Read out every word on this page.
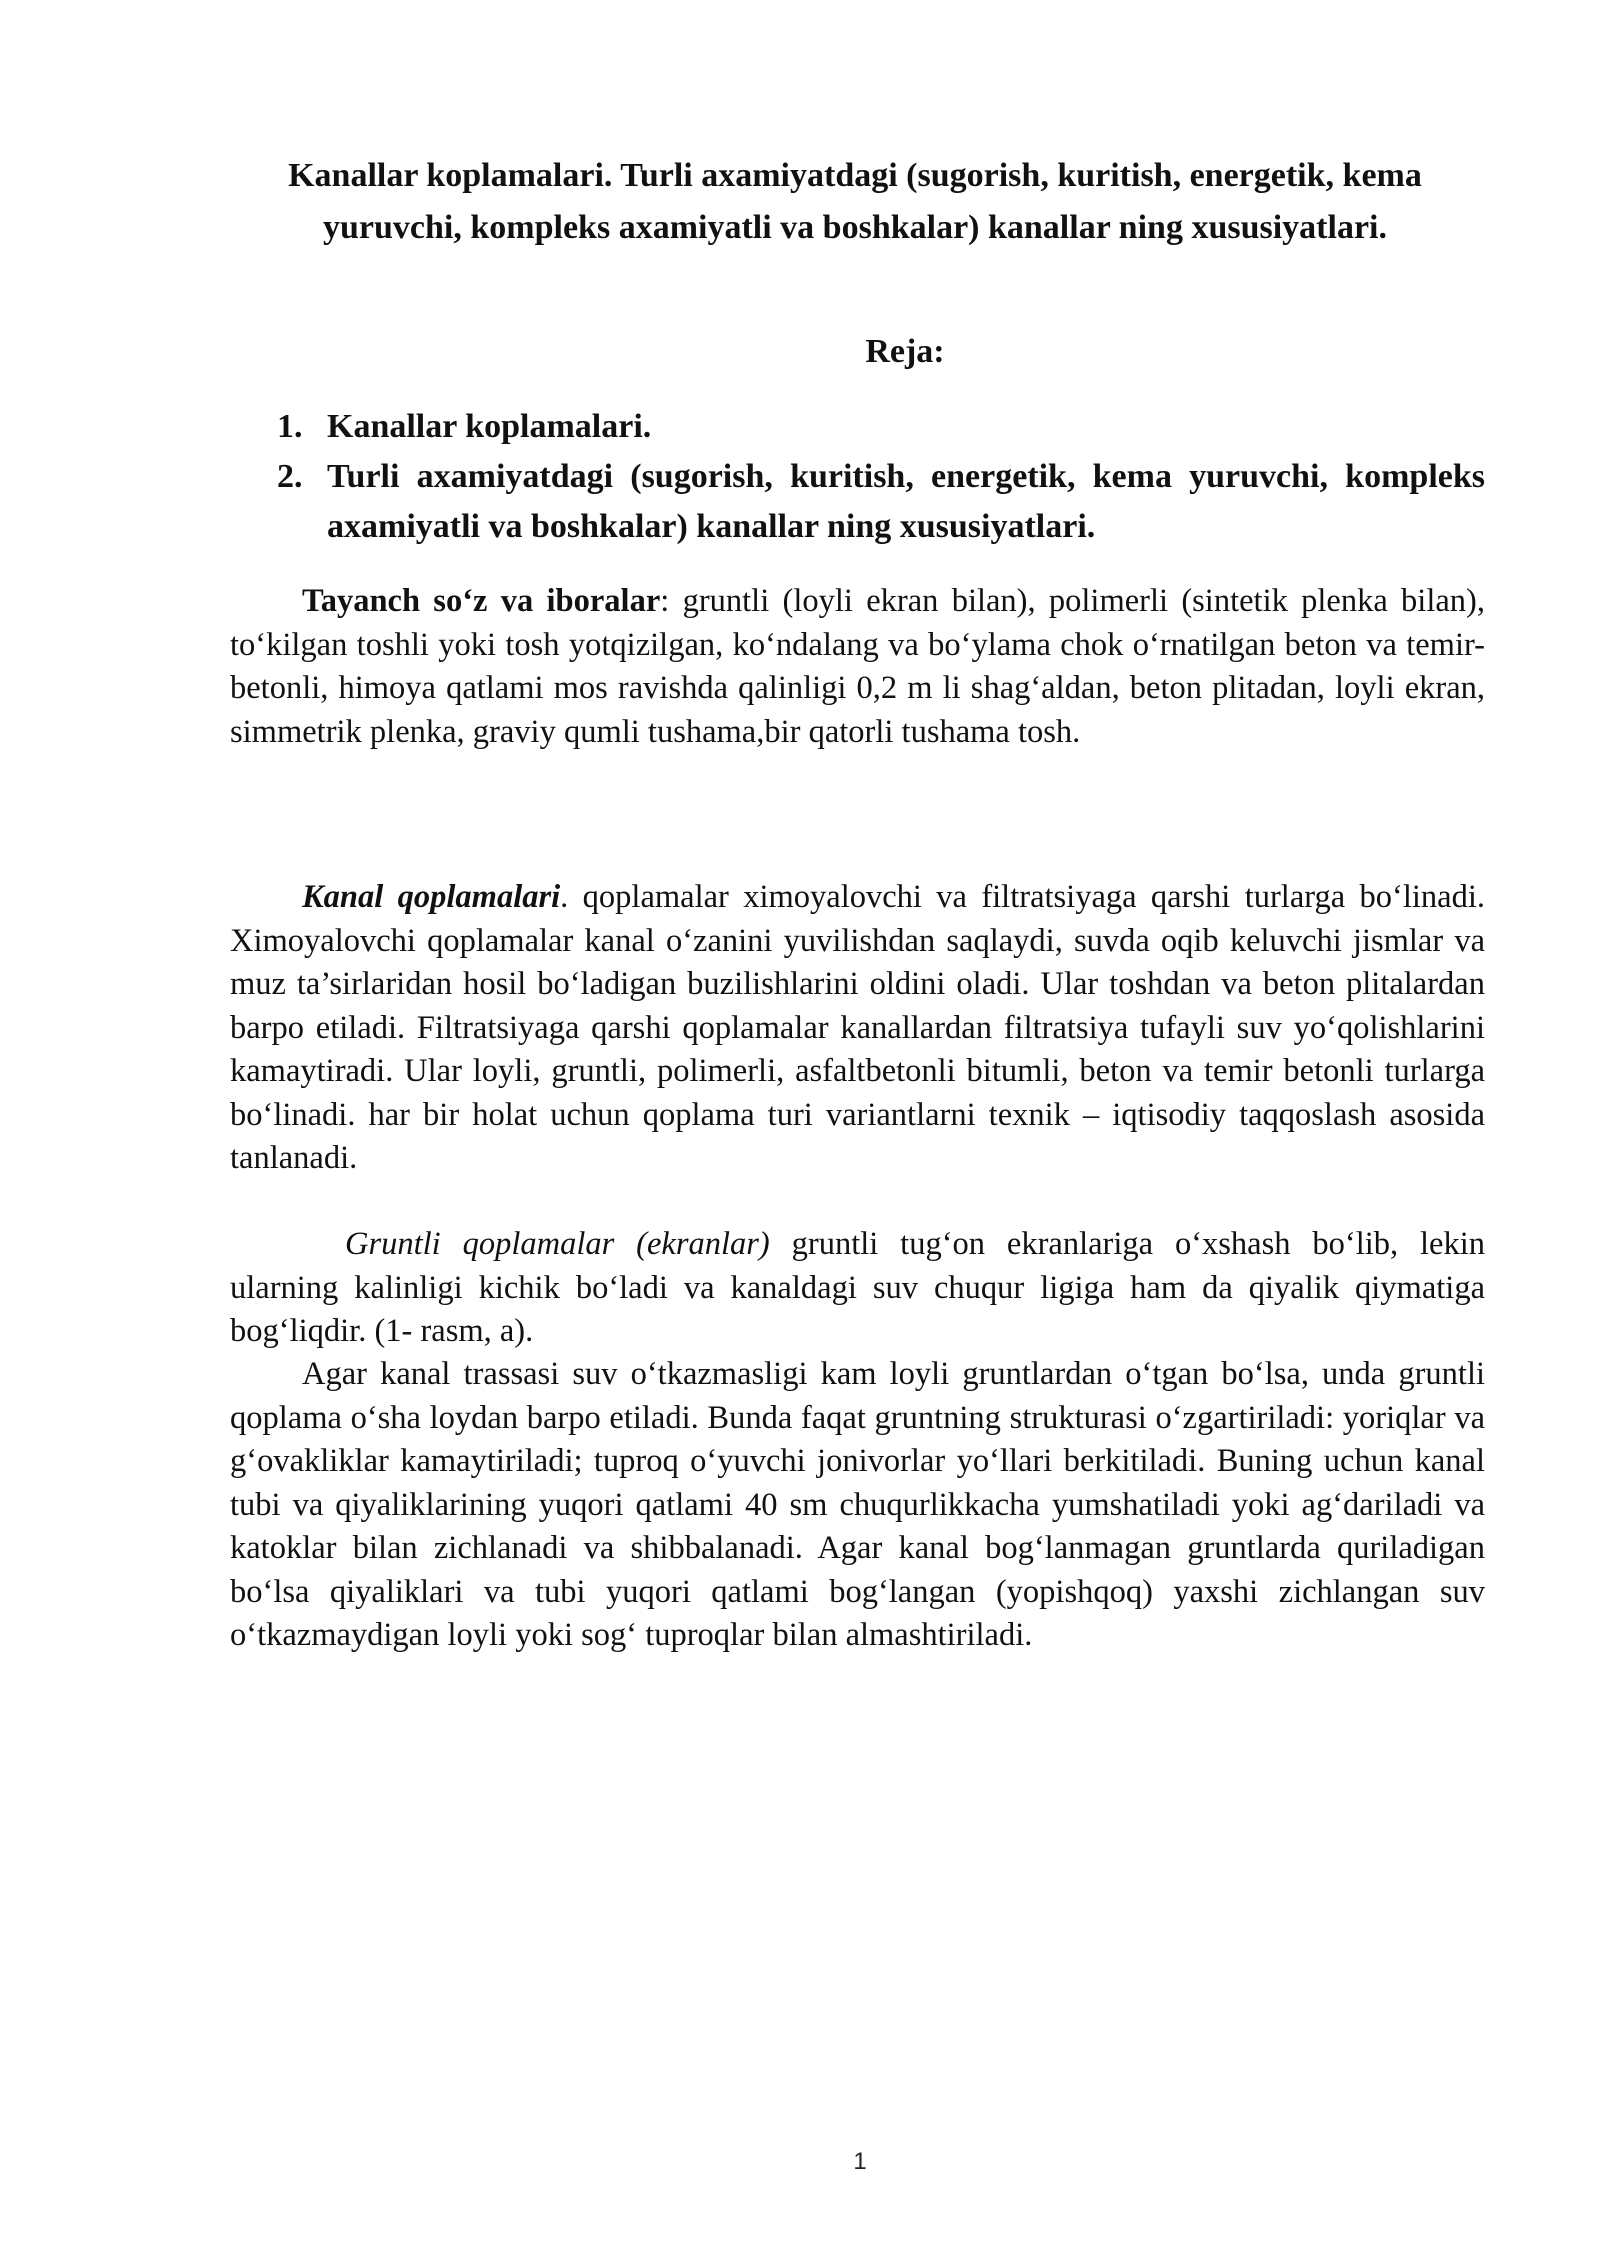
Kanallar koplamalari. Turli axamiyatdagi (sugorish, kuritish, energetik, kema yuruvchi, kompleks axamiyatli va boshkalar) kanallar ning xususiyatlari.

Reja:

1. Kanallar koplamalari.
2. Turli axamiyatdagi (sugorish, kuritish, energetik, kema yuruvchi, kompleks axamiyatli va boshkalar) kanallar ning xususiyatlari.

Tayanch so‘z va iboralar: gruntli (loyli ekran bilan), polimerli (sintetik plenka bilan), to‘kilgan toshli yoki tosh yotqizilgan, ko‘ndalang va bo‘ylama chok o‘rnatilgan beton va temir-betonli, himoya qatlami mos ravishda qalinligi 0,2 m li shag‘aldan, beton plitadan, loyli ekran, simmetrik plenka, graviy qumli tushama,bir qatorli tushama tosh.

Kanal qoplamalari. qoplamalar ximoyalovchi va filtratsiyaga qarshi turlarga bo‘linadi. Ximoyalovchi qoplamalar kanal o‘zanini yuvilishdan saqlaydi, suvda oqib keluvchi jismlar va muz ta’sirlaridan hosil bo‘ladigan buzilishlarini oldini oladi. Ular toshdan va beton plitalardan barpo etiladi. Filtratsiyaga qarshi qoplamalar kanallardan filtratsiya tufayli suv yo‘qolishlarini kamaytiradi. Ular loyli, gruntli, polimerli, asfaltbetonli bitumli, beton va temir betonli turlarga bo‘linadi. har bir holat uchun qoplama turi variantlarni texnik – iqtisodiy taqqoslash asosida tanlanadi.

Gruntli qoplamalar (ekranlar) gruntli tug‘on ekranlariga o‘xshash bo‘lib, lekin ularning kalinligi kichik bo‘ladi va kanaldagi suv chuqur ligiga ham da qiyalik qiymatiga bog‘liqdir. (1- rasm, a).

Agar kanal trassasi suv o‘tkazmasligi kam loyli gruntlardan o‘tgan bo‘lsa, unda gruntli qoplama o‘sha loydan barpo etiladi. Bunda faqat gruntning strukturasi o‘zgartiriladi: yoriqlar va g‘ovakliklar kamaytiriladi; tuproq o‘yuvchi jonivorlar yo‘llari berkitiladi. Buning uchun kanal tubi va qiyaliklarining yuqori qatlami 40 sm chuqurlikkacha yumshatiladi yoki ag‘dariladi va katoklar bilan zichlanadi va shibbalanadi. Agar kanal bog‘lanmagan gruntlarda quriladigan bo‘lsa qiyaliklari va tubi yuqori qatlami bog‘langan (yopishqoq) yaxshi zichlangan suv o‘tkazmaydigan loyli yoki sog‘ tuproqlar bilan almashtiriladi.

1
